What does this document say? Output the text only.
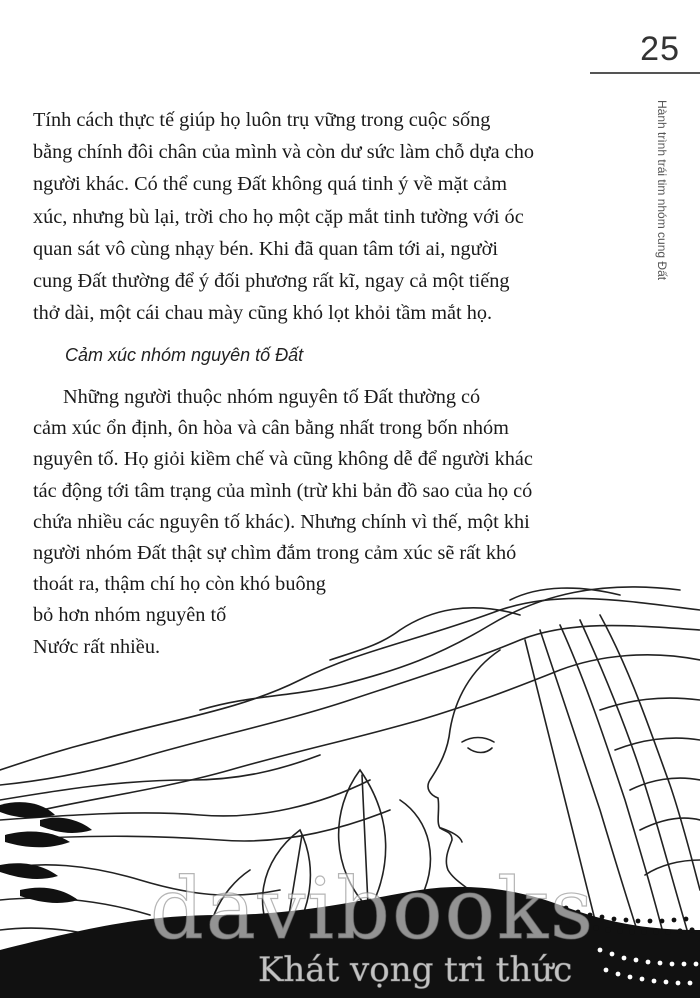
25
Hành trình trái tim nhóm cung Đất

Tính cách thực tế giúp họ luôn trụ vững trong cuộc sống
bằng chính đôi chân của mình và còn dư sức làm chỗ dựa cho
người khác. Có thể cung Đất không quá tinh ý về mặt cảm
xúc, nhưng bù lại, trời cho họ một cặp mắt tinh tường với óc
quan sát vô cùng nhạy bén. Khi đã quan tâm tới ai, người
cung Đất thường để ý đối phương rất kĩ, ngay cả một tiếng
thở dài, một cái chau mày cũng khó lọt khỏi tầm mắt họ.

Cảm xúc nhóm nguyên tố Đất

Những người thuộc nhóm nguyên tố Đất thường có
cảm xúc ổn định, ôn hòa và cân bằng nhất trong bốn nhóm
nguyên tố. Họ giỏi kiềm chế và cũng không dễ để người khác
tác động tới tâm trạng của mình (trừ khi bản đồ sao của họ có
chứa nhiều các nguyên tố khác). Nhưng chính vì thế, một khi
người nhóm Đất thật sự chìm đắm trong cảm xúc sẽ rất khó
thoát ra, thậm chí họ còn khó buông
bỏ hơn nhóm nguyên tố
Nước rất nhiều.

davibooks
Khát vọng tri thức
